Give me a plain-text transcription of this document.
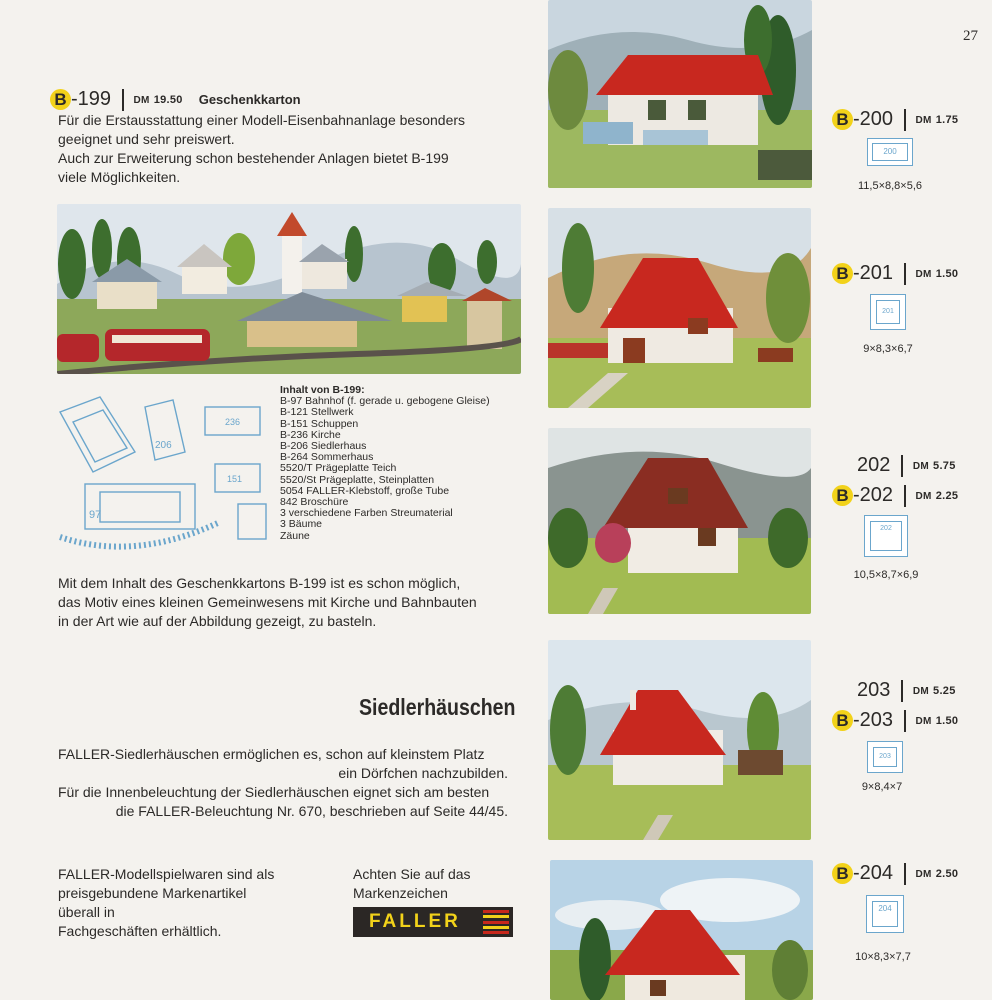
27
B -199 DM 19.50 Geschenkkarton
Für die Erstausstattung einer Modell-Eisenbahnanlage besonders
geeignet und sehr preiswert.
Auch zur Erweiterung schon bestehender Anlagen bietet B-199
viele Möglichkeiten.
97
206
236
151
Inhalt von B-199:
B-97 Bahnhof (f. gerade u. gebogene Gleise)
B-121 Stellwerk
B-151 Schuppen
B-236 Kirche
B-206 Siedlerhaus
B-264 Sommerhaus
5520/T Prägeplatte Teich
5520/St Prägeplatte, Steinplatten
5054 FALLER-Klebstoff, große Tube
842 Broschüre
3 verschiedene Farben Streumaterial
3 Bäume
Zäune
Mit dem Inhalt des Geschenkkartons B-199 ist es schon möglich,
das Motiv eines kleinen Gemeinwesens mit Kirche und Bahnbauten
in der Art wie auf der Abbildung gezeigt, zu basteln.
Siedlerhäuschen
FALLER-Siedlerhäuschen ermöglichen es, schon auf kleinstem Platz
ein Dörfchen nachzubilden.
Für die Innenbeleuchtung der Siedlerhäuschen eignet sich am besten
die FALLER-Beleuchtung Nr. 670, beschrieben auf Seite 44/45.
FALLER-Modellspielwaren sind als
preisgebundene Markenartikel
überall in
Fachgeschäften erhältlich.
Achten Sie auf das
Markenzeichen
FALLER
B -200 DM 1.75
200
11,5×8,8×5,6
B -201 DM 1.50
201
9×8,3×6,7
202 DM 5.75
B -202 DM 2.25
202
10,5×8,7×6,9
203 DM 5.25
B -203 DM 1.50
203
9×8,4×7
B -204 DM 2.50
204
10×8,3×7,7
